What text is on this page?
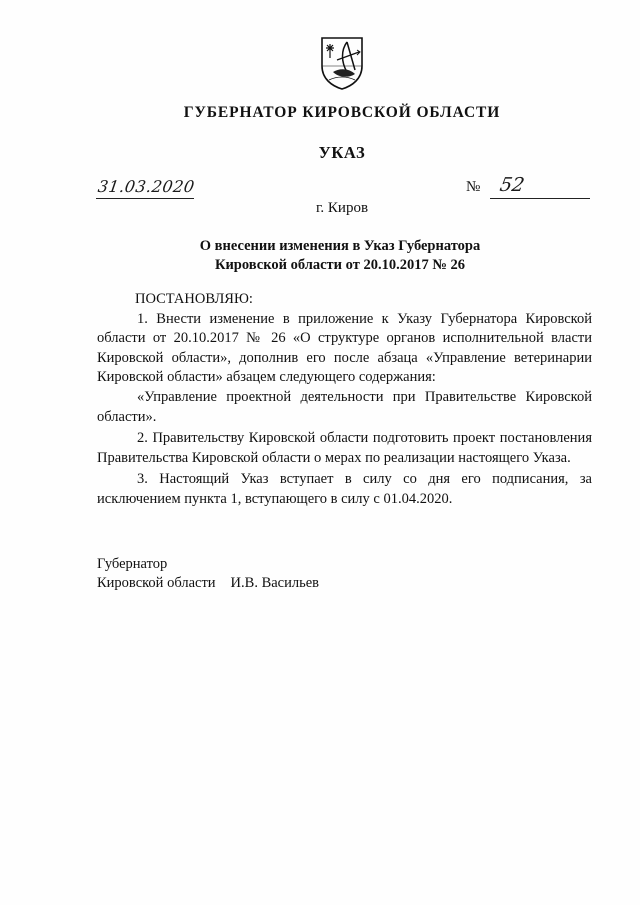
ГУБЕРНАТОР КИРОВСКОЙ ОБЛАСТИ
УКАЗ
31.03.2020	№ 52
г. Киров
О внесении изменения в Указ Губернатора
Кировской области от 20.10.2017 № 26

ПОСТАНОВЛЯЮ:

1. Внести изменение в приложение к Указу Губернатора Кировской области от 20.10.2017 № 26 «О структуре органов исполнительной власти Кировской области», дополнив его после абзаца «Управление ветеринарии Кировской области» абзацем следующего содержания:

«Управление проектной деятельности при Правительстве Кировской области».

2. Правительству Кировской области подготовить проект постановления Правительства Кировской области о мерах по реализации настоящего Указа.

3. Настоящий Указ вступает в силу со дня его подписания, за исключением пункта 1, вступающего в силу с 01.04.2020.

Губернатор
Кировской области И.В. Васильев
